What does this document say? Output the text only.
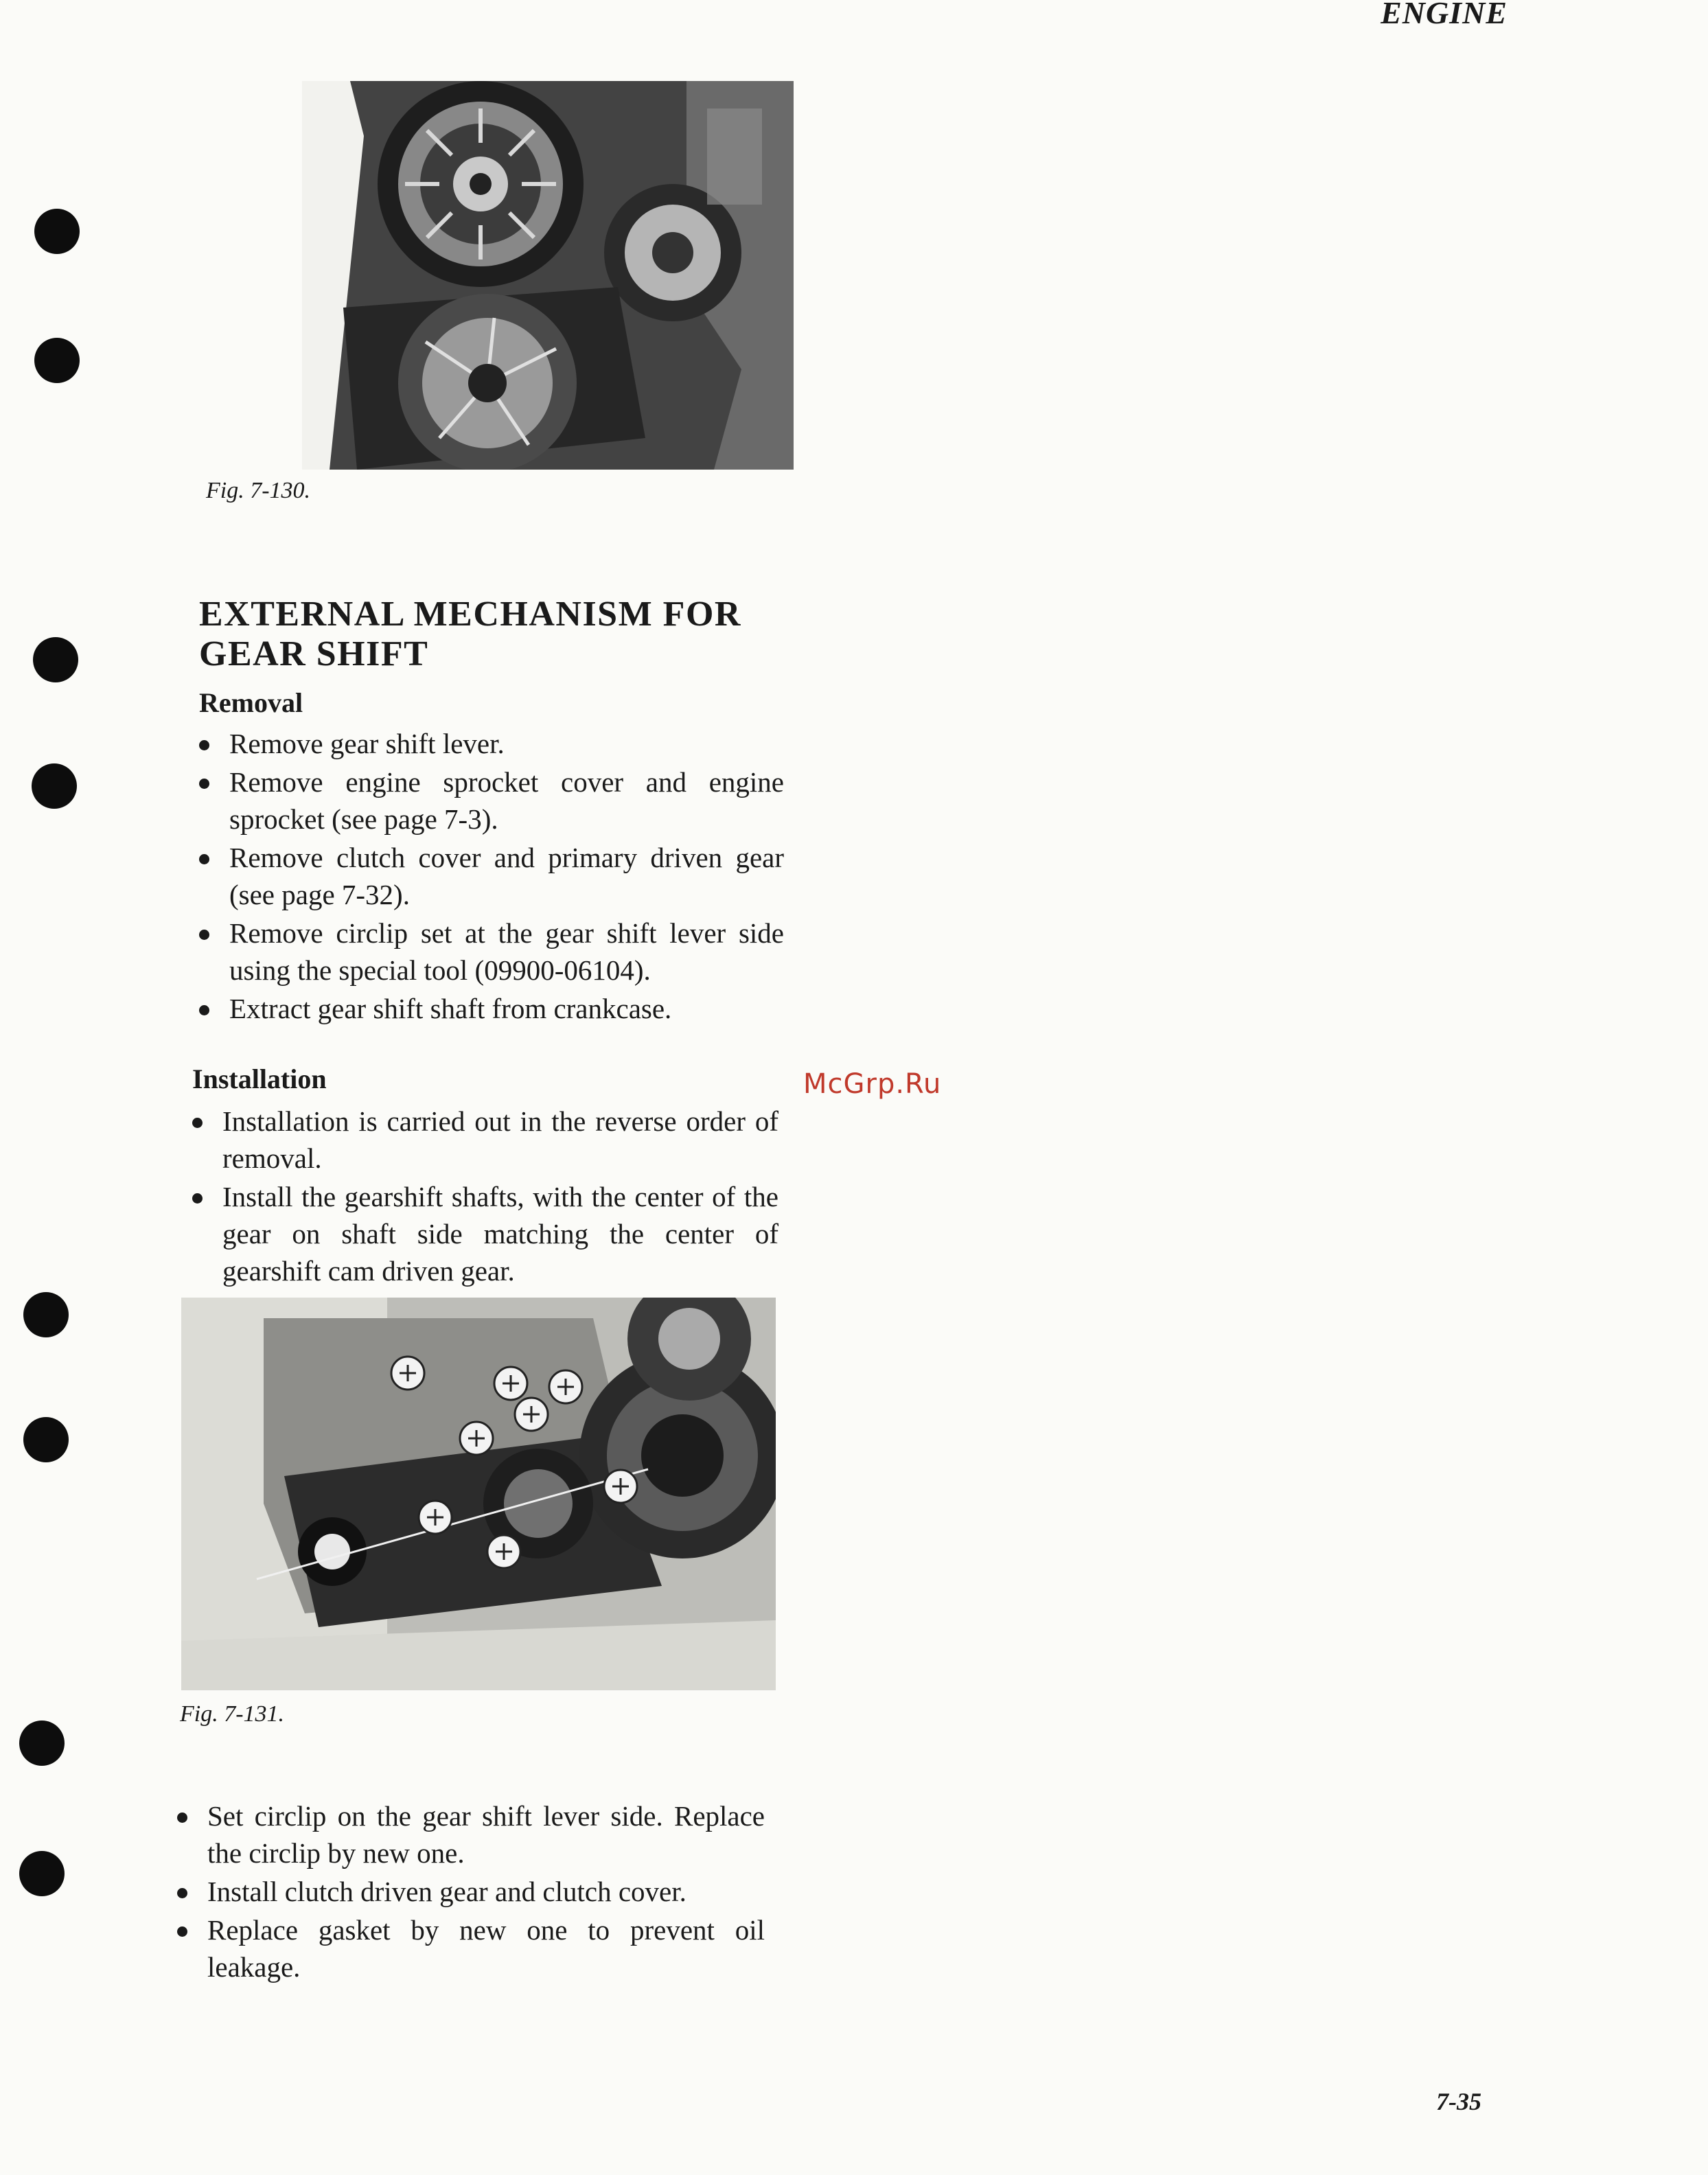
ENGINE
Fig. 7-130.
EXTERNAL MECHANISM FOR
GEAR SHIFT
Removal
Remove gear shift lever.
Remove engine sprocket cover and engine sprocket (see page 7-3).
Remove clutch cover and primary driven gear (see page 7-32).
Remove circlip set at the gear shift lever side using the special tool (09900-06104).
Extract gear shift shaft from crankcase.
Installation
Installation is carried out in the reverse order of removal.
Install the gearshift shafts, with the center of the gear on shaft side matching the center of gearshift cam driven gear.
Fig. 7-131.
Set circlip on the gear shift lever side. Replace the circlip by new one.
Install clutch driven gear and clutch cover.
Replace gasket by new one to prevent oil leakage.
McGrp.Ru
7-35
